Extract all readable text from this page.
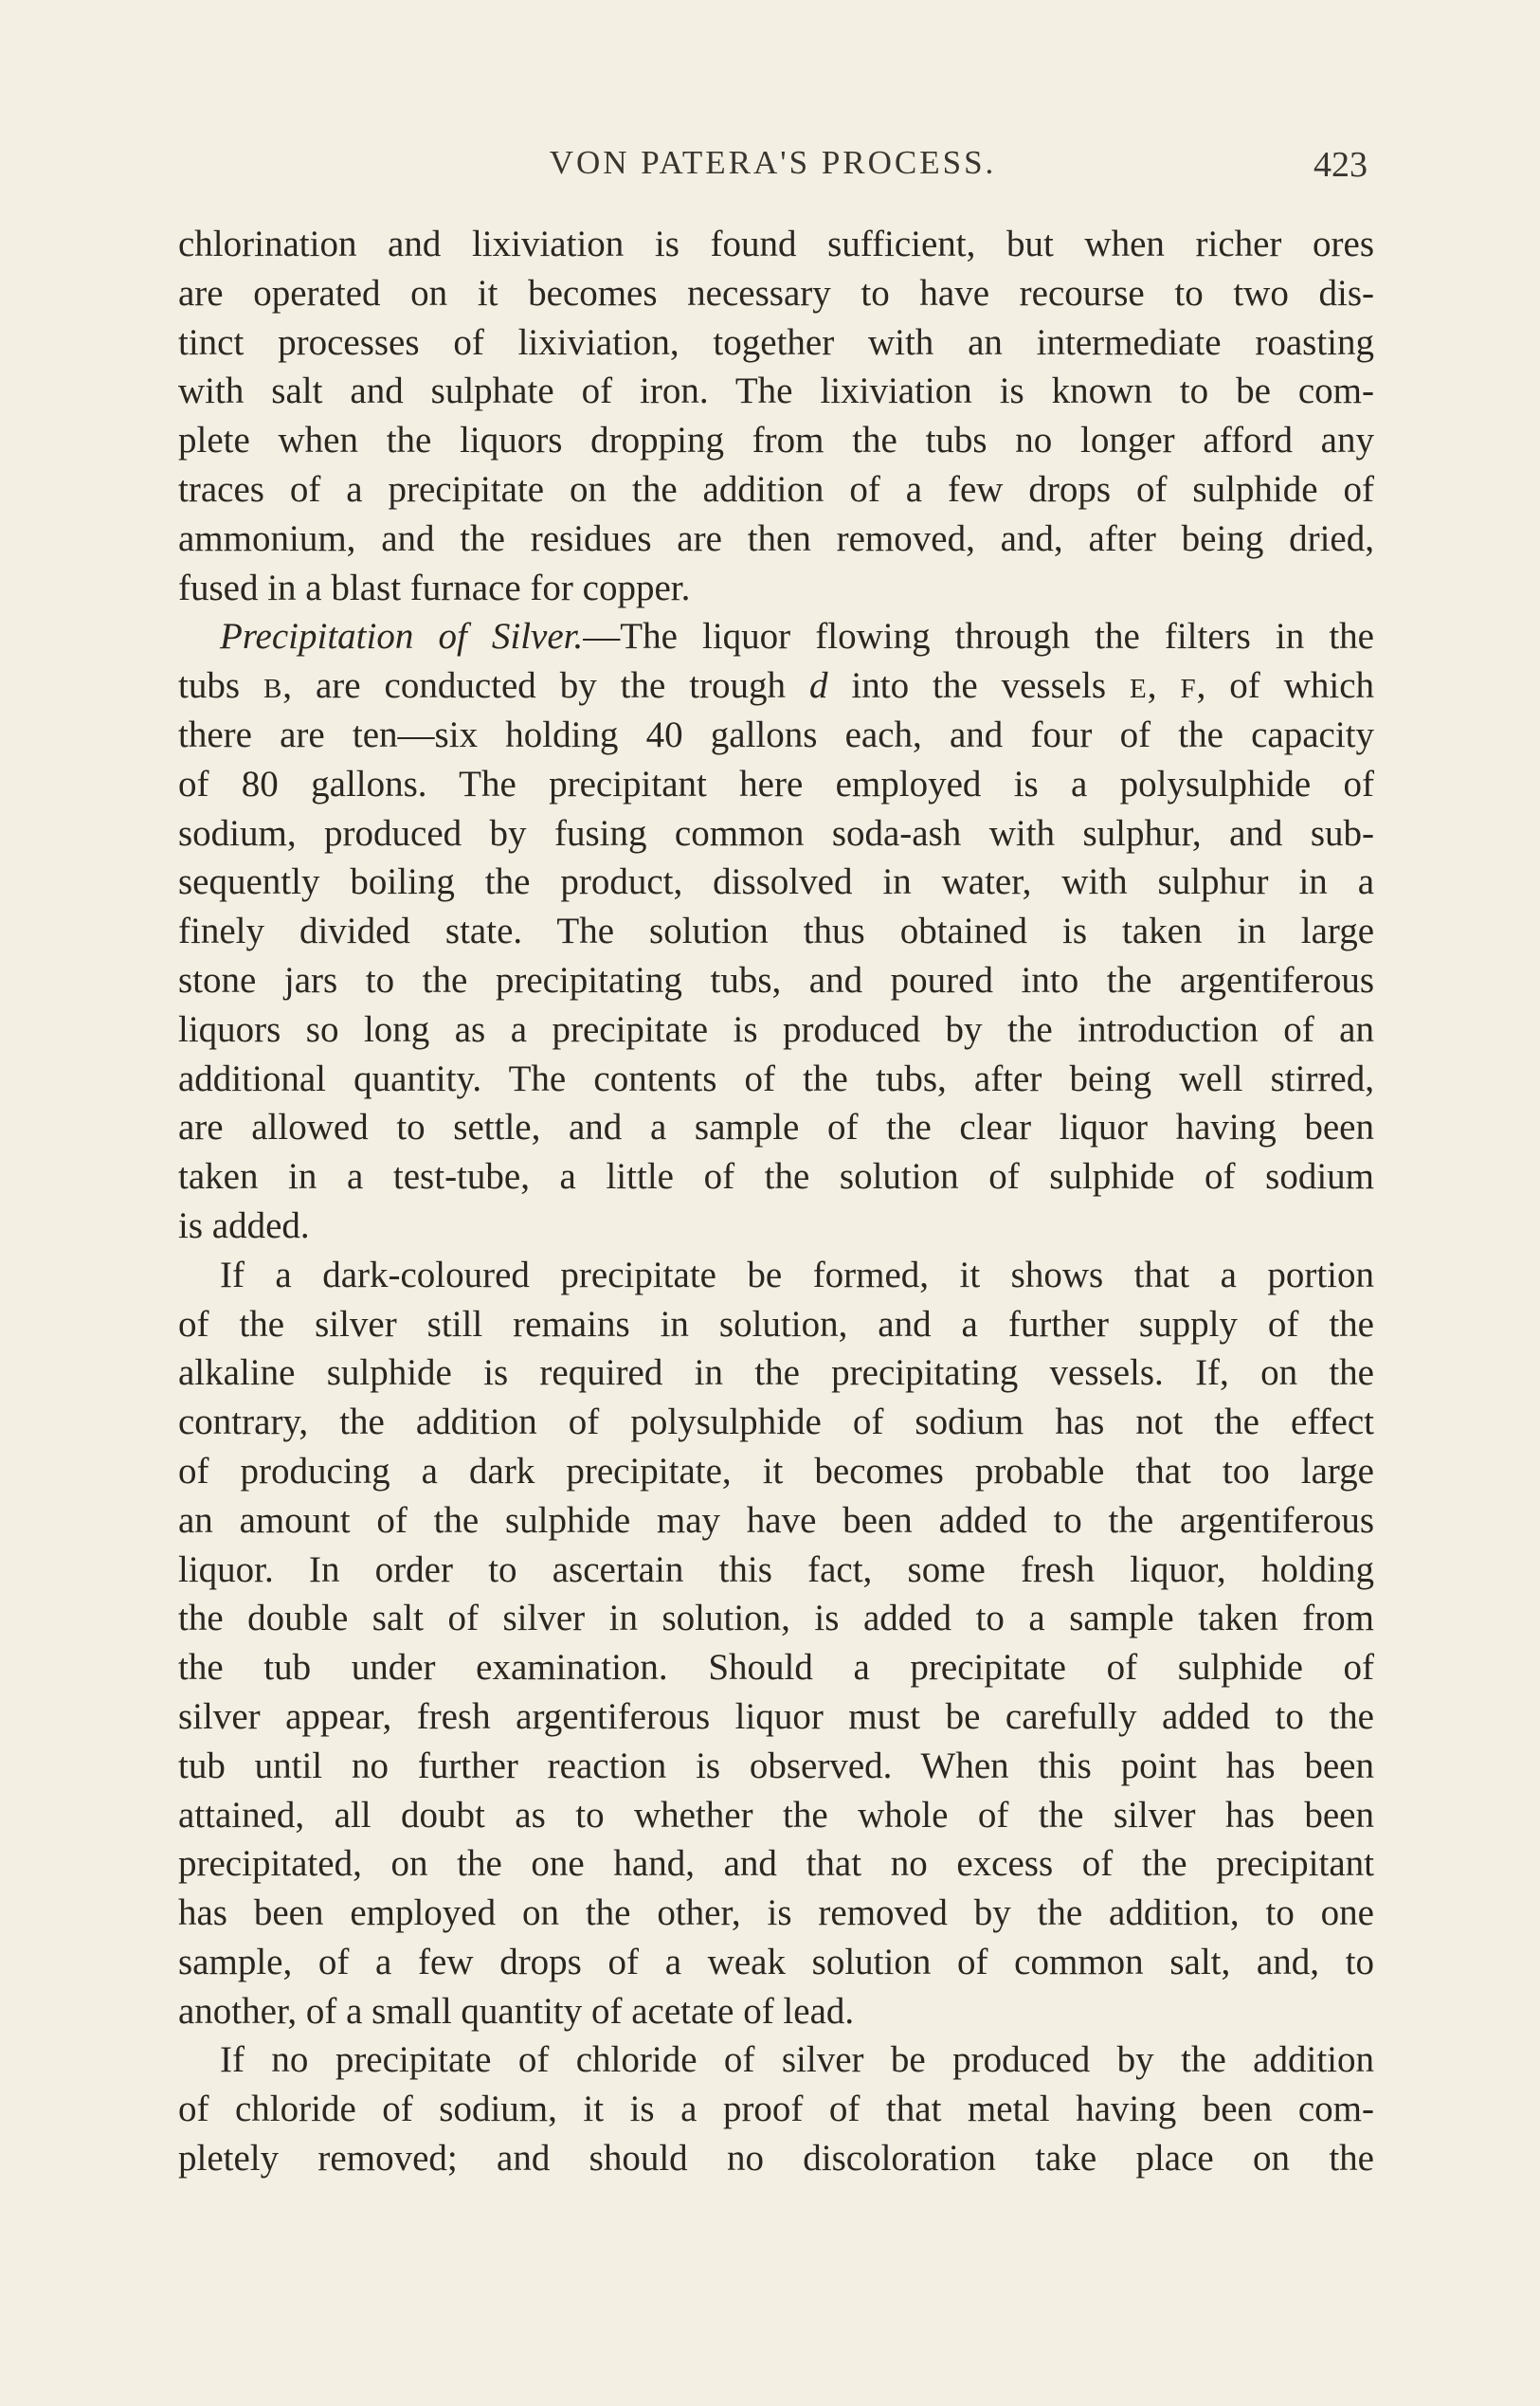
VON PATERA'S PROCESS.	423
chlorination and lixiviation is found sufficient, but when richer ores
are operated on it becomes necessary to have recourse to two dis-
tinct processes of lixiviation, together with an intermediate roasting
with salt and sulphate of iron. The lixiviation is known to be com-
plete when the liquors dropping from the tubs no longer afford any
traces of a precipitate on the addition of a few drops of sulphide of
ammonium, and the residues are then removed, and, after being dried,
fused in a blast furnace for copper.
Precipitation of Silver.—The liquor flowing through the filters in the
tubs B, are conducted by the trough d into the vessels E, F, of which
there are ten—six holding 40 gallons each, and four of the capacity
of 80 gallons. The precipitant here employed is a polysulphide of
sodium, produced by fusing common soda-ash with sulphur, and sub-
sequently boiling the product, dissolved in water, with sulphur in a
finely divided state. The solution thus obtained is taken in large
stone jars to the precipitating tubs, and poured into the argentiferous
liquors so long as a precipitate is produced by the introduction of an
additional quantity. The contents of the tubs, after being well stirred,
are allowed to settle, and a sample of the clear liquor having been
taken in a test-tube, a little of the solution of sulphide of sodium
is added.
If a dark-coloured precipitate be formed, it shows that a portion
of the silver still remains in solution, and a further supply of the
alkaline sulphide is required in the precipitating vessels. If, on the
contrary, the addition of polysulphide of sodium has not the effect
of producing a dark precipitate, it becomes probable that too large
an amount of the sulphide may have been added to the argentiferous
liquor. In order to ascertain this fact, some fresh liquor, holding
the double salt of silver in solution, is added to a sample taken from
the tub under examination. Should a precipitate of sulphide of
silver appear, fresh argentiferous liquor must be carefully added to the
tub until no further reaction is observed. When this point has been
attained, all doubt as to whether the whole of the silver has been
precipitated, on the one hand, and that no excess of the precipitant
has been employed on the other, is removed by the addition, to one
sample, of a few drops of a weak solution of common salt, and, to
another, of a small quantity of acetate of lead.
If no precipitate of chloride of silver be produced by the addition
of chloride of sodium, it is a proof of that metal having been com-
pletely removed; and should no discoloration take place on the
